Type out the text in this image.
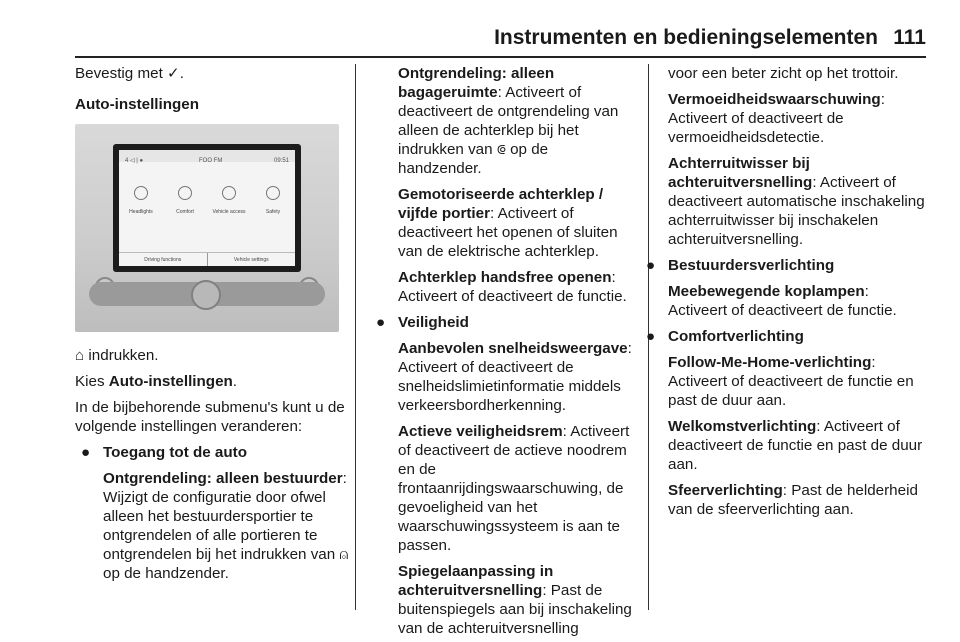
Instrumenten en bedieningselementen 111

Bevestig met ✓.

Auto-instellingen

4 ◁ | ●	FOO FM	09:51
Headlights	Comfort	Vehicle access	Safety
Driving functions	Vehicle settings

⌂ indrukken.

Kies Auto-instellingen.

In de bijbehorende submenu's kunt u de volgende instellingen veranderen:

● Toegang tot de auto
Ontgrendeling: alleen bestuurder: Wijzigt de configuratie door ofwel alleen het bestuurdersportier te ontgrendelen of alle portieren te ontgrendelen bij het indrukken van ⍝ op de handzender.

Ontgrendeling: alleen bagageruimte: Activeert of deactiveert de ontgrendeling van alleen de achterklep bij het indrukken van ⟃ op de handzender.

Gemotoriseerde achterklep / vijfde portier: Activeert of deactiveert het openen of sluiten van de elektrische achterklep.

Achterklep handsfree openen: Activeert of deactiveert de functie.

● Veiligheid

Aanbevolen snelheidsweergave: Activeert of deactiveert de snelheidslimietinformatie middels verkeersbordherkenning.

Actieve veiligheidsrem: Activeert of deactiveert de actieve noodrem en de frontaanrijdingswaarschuwing, de gevoeligheid van het waarschuwingssysteem is aan te passen.

Spiegelaanpassing in achteruitversnelling: Past de buitenspiegels aan bij inschakeling van de achteruitversnelling

voor een beter zicht op het trottoir.

Vermoeidheidswaarschuwing: Activeert of deactiveert de vermoeidheidsdetectie.

Achterruitwisser bij achteruitversnelling: Activeert of deactiveert automatische inschakeling achterruitwisser bij inschakelen achteruitversnelling.

● Bestuurdersverlichting

Meebewegende koplampen: Activeert of deactiveert de functie.

● Comfortverlichting

Follow-Me-Home-verlichting: Activeert of deactiveert de functie en past de duur aan.

Welkomstverlichting: Activeert of deactiveert de functie en past de duur aan.

Sfeerverlichting: Past de helderheid van de sfeerverlichting aan.
